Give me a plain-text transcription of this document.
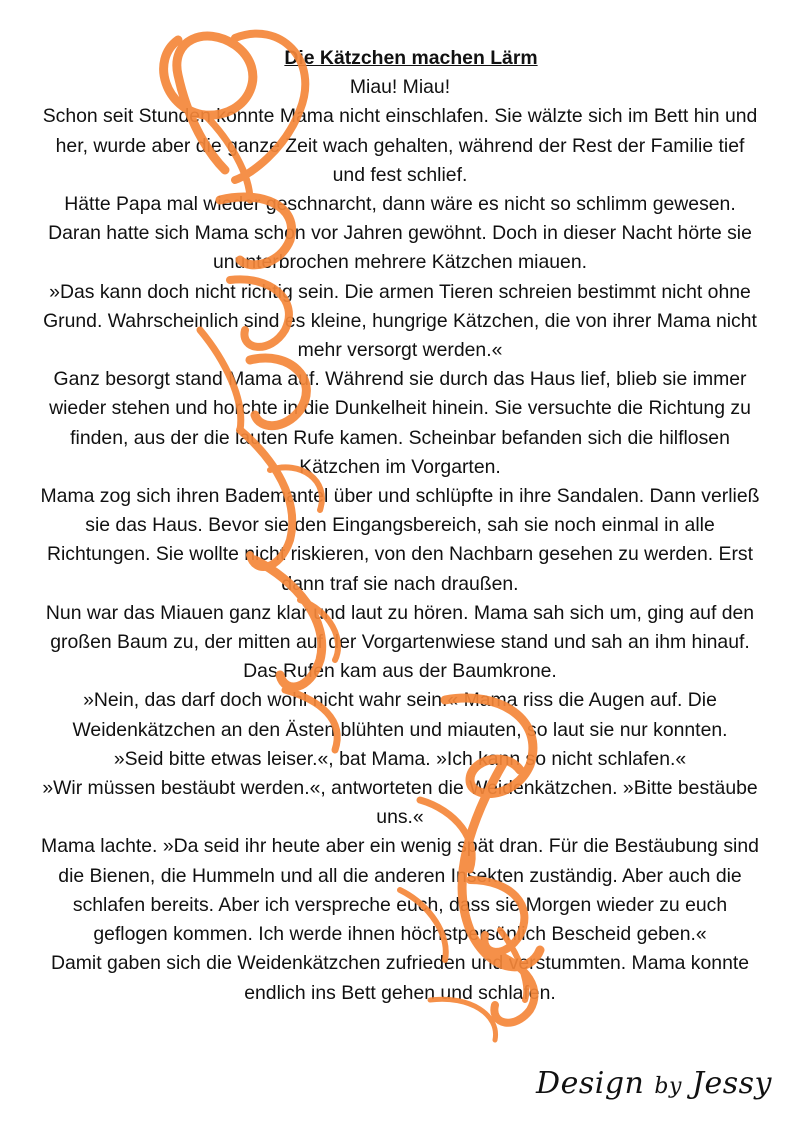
Die Kätzchen machen Lärm

Miau! Miau!

Schon seit Stunden konnte Mama nicht einschlafen. Sie wälzte sich im Bett hin und her, wurde aber die ganze Zeit wach gehalten, während der Rest der Familie tief und fest schlief.

Hätte Papa mal wieder geschnarcht, dann wäre es nicht so schlimm gewesen. Daran hatte sich Mama schon vor Jahren gewöhnt. Doch in dieser Nacht hörte sie ununterbrochen mehrere Kätzchen miauen.

»Das kann doch nicht richtig sein. Die armen Tieren schreien bestimmt nicht ohne Grund. Wahrscheinlich sind es kleine, hungrige Kätzchen, die von ihrer Mama nicht mehr versorgt werden.«

Ganz besorgt stand Mama auf. Während sie durch das Haus lief, blieb sie immer wieder stehen und horchte in die Dunkelheit hinein. Sie versuchte die Richtung zu finden, aus der die lauten Rufe kamen. Scheinbar befanden sich die hilflosen Kätzchen im Vorgarten.

Mama zog sich ihren Bademantel über und schlüpfte in ihre Sandalen. Dann verließ sie das Haus. Bevor sie den Eingangsbereich, sah sie noch einmal in alle Richtungen. Sie wollte nicht riskieren, von den Nachbarn gesehen zu werden. Erst dann traf sie nach draußen.

Nun war das Miauen ganz klar und laut zu hören. Mama sah sich um, ging auf den großen Baum zu, der mitten auf der Vorgartenwiese stand und sah an ihm hinauf. Das Rufen kam aus der Baumkrone.

»Nein, das darf doch wohl nicht wahr sein.« Mama riss die Augen auf. Die Weidenkätzchen an den Ästen blühten und miauten, so laut sie nur konnten.

»Seid bitte etwas leiser.«, bat Mama. »Ich kann so nicht schlafen.«

»Wir müssen bestäubt werden.«, antworteten die Weidenkätzchen. »Bitte bestäube uns.«

Mama lachte. »Da seid ihr heute aber ein wenig spät dran. Für die Bestäubung sind die Bienen, die Hummeln und all die anderen Insekten zuständig. Aber auch die schlafen bereits. Aber ich verspreche euch, dass sie Morgen wieder zu euch geflogen kommen. Ich werde ihnen höchstpersönlich Bescheid geben.«

Damit gaben sich die Weidenkätzchen zufrieden und verstummten. Mama konnte endlich ins Bett gehen und schlafen.

Design by Jessy
